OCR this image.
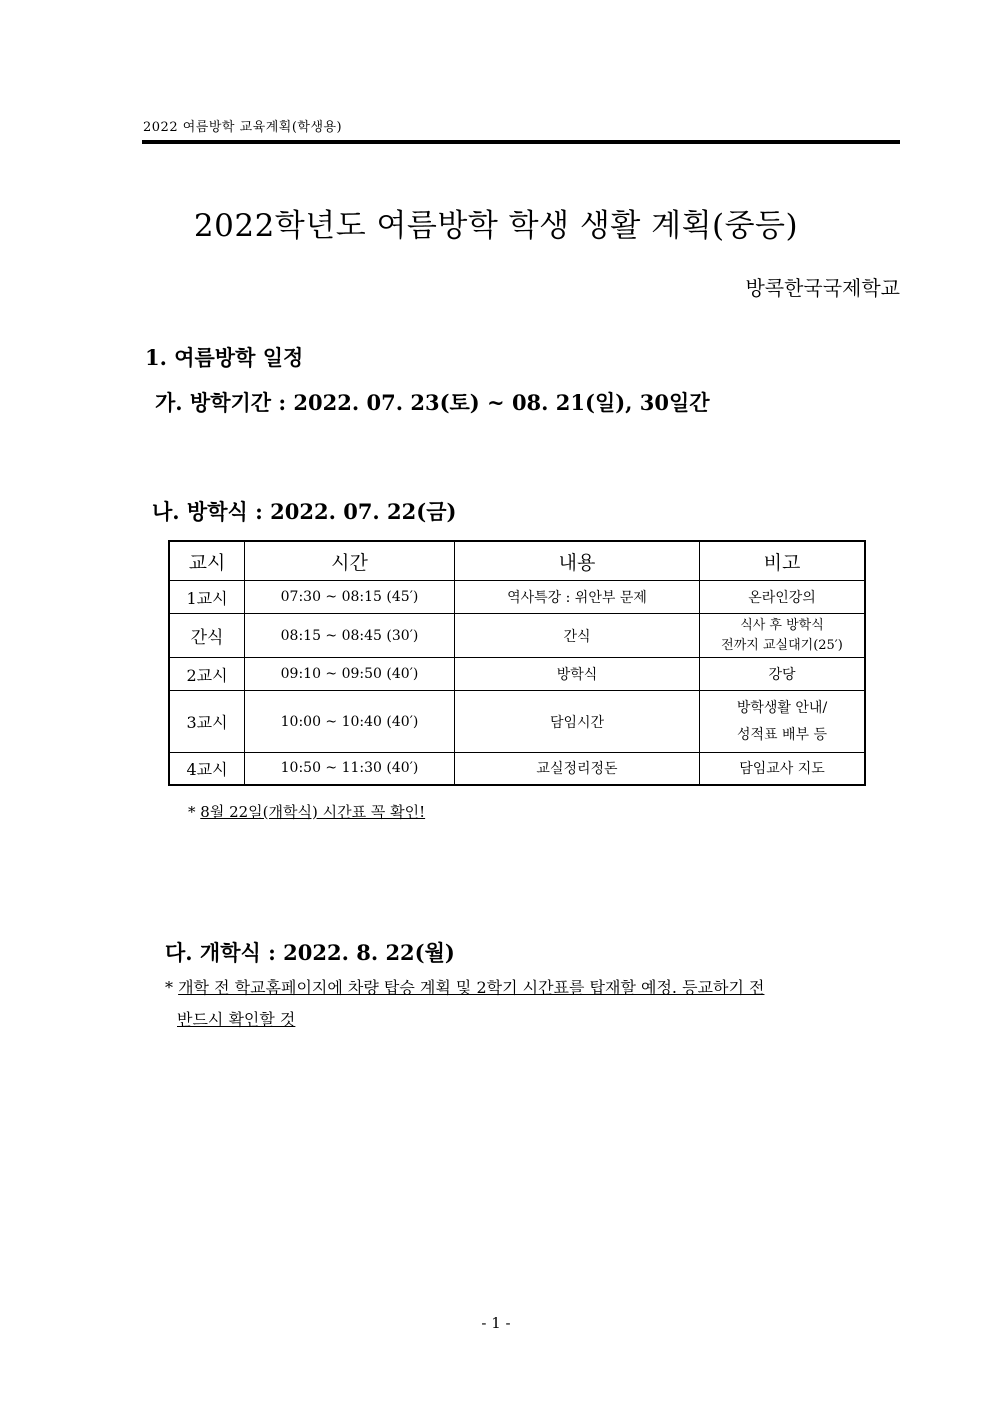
2022 여름방학 교육계획(학생용)
2022학년도 여름방학 학생 생활 계획(중등)
방콕한국국제학교
1. 여름방학 일정
가. 방학기간 : 2022. 07. 23(토) ~ 08. 21(일), 30일간
나. 방학식 : 2022. 07. 22(금)
교시	시간	내용	비고
1교시	07:30 ~ 08:15 (45′)	역사특강 : 위안부 문제	온라인강의
간식	08:15 ~ 08:45 (30′)	간식	식사 후 방학식
전까지 교실대기(25′)

2교시	09:10 ~ 09:50 (40′)	방학식	강당
3교시	10:00 ~ 10:40 (40′)	담임시간	방학생활 안내/
성적표 배부 등

4교시	10:50 ~ 11:30 (40′)	교실정리정돈	담임교사 지도
* 8월 22일(개학식) 시간표 꼭 확인!
다. 개학식 : 2022. 8. 22(월)
* 개학 전 학교홈페이지에 차량 탑승 계획 및 2학기 시간표를 탑재할 예정. 등교하기 전
반드시 확인할 것
- 1 -
